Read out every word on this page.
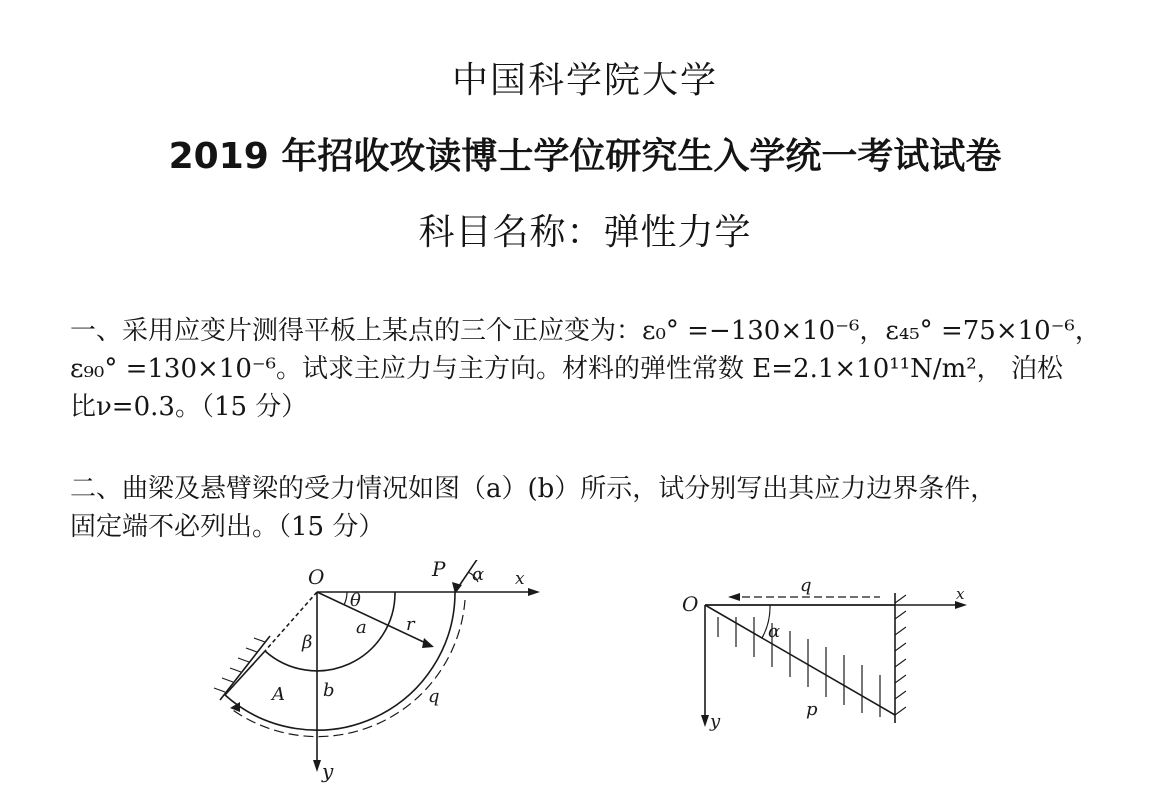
中国科学院大学
2019 年招收攻读博士学位研究生入学统一考试试卷
科目名称：弹性力学
一、采用应变片测得平板上某点的三个正应变为：ε₀° =−130×10⁻⁶，ε₄₅° =75×10⁻⁶，
ε₉₀° =130×10⁻⁶。试求主应力与主方向。材料的弹性常数 E=2.1×10¹¹N/m²， 泊松
比ν=0.3。（15 分）
二、曲梁及悬臂梁的受力情况如图（a）(b）所示，试分别写出其应力边界条件，
固定端不必列出。（15 分）
O	x
y
P α
θ
a
β
r
b
A	q
O
q	x
y
α
p
